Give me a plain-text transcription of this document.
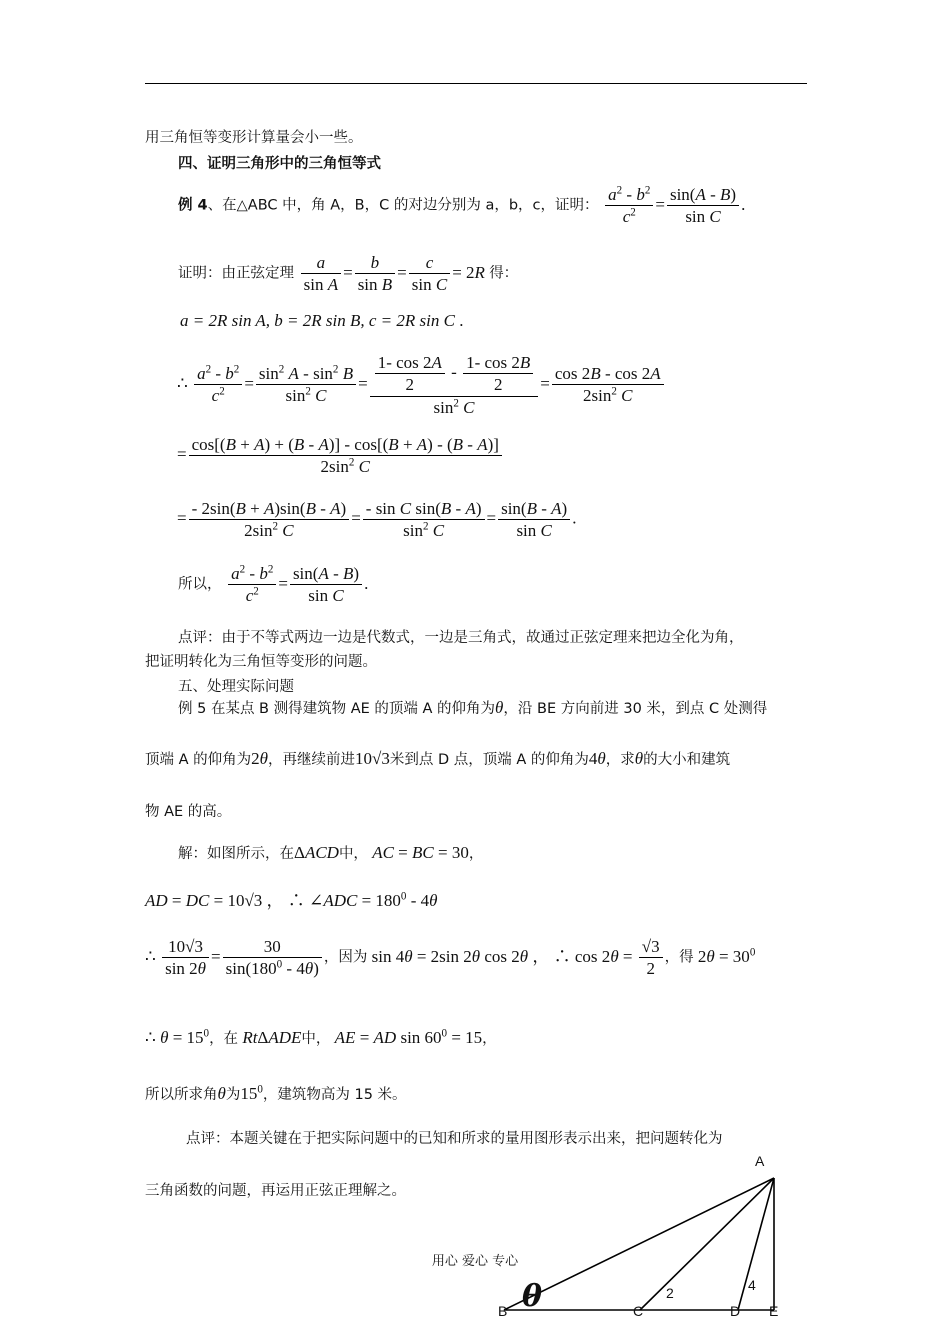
用三角恒等变形计算量会小一些。
四、证明三角形中的三角恒等式
例 4、在△ABC 中，角 A，B，C 的对边分别为 a，b，c，证明： $\frac{a^2 - b^2}{c^2} = \frac{\sin(A - B)}{\text{sin C}}$ .
证明：由正弦定理 $\frac{a}{\text{sin A}} = \frac{b}{\text{sin B}} = \frac{c}{\text{sin C}} = 2R$ 得：
a = 2R sin A, b = 2R sin B, c = 2R sin C .
∴ $\frac{a^2 - b^2}{c^2} = \frac{\sin^2 A - \sin^2 B}{\sin^2 C} = \frac{\frac{1- \cos 2A}{2} - \frac{1- \cos 2B}{2}}{\sin^2 C} = \frac{\cos 2B - \cos 2A}{2\sin^2 C}$
= $\frac{\cos[(B + A) + (B - A)] - \cos[(B + A) - (B - A)]}{2\sin^2 C}$
= $\frac{- 2\sin(B + A)\sin(B - A)}{2\sin^2 C} = \frac{\text{- sin C sin(B - A)}}{\sin^2 C} = \frac{\sin(B - A)}{\text{sin C}}$ .
所以， $\frac{a^2 - b^2}{c^2} = \frac{\sin(A - B)}{\text{sin C}}$ .
点评：由于不等式两边一边是代数式，一边是三角式，故通过正弦定理来把边全化为角，
把证明转化为三角恒等变形的问题。
五、处理实际问题
例 5 在某点 B 测得建筑物 AE 的顶端 A 的仰角为θ，沿 BE 方向前进 30 米，到点 C 处测得
顶端 A 的仰角为2θ，再继续前进10√3米到点 D 点，顶端 A 的仰角为4θ，求θ的大小和建筑
物 AE 的高。
解：如图所示，在ΔACD中， AC = BC = 30，
AD = DC = 10√3 ， ∴ ∠ADC = $180^0 - 4\theta$
∴ $\frac{10√3}{\sin 2\theta} = \frac{30}{\sin(180^0 - 4\theta)}$ ，因为 sin 4θ = 2sin 2θ cos 2θ ， ∴ $\cos 2\theta = \frac{√3}{2}$ ，得 $2\theta = 30^0$
∴ $\theta = 15^0$，在 RtΔADE中， AE = AD $\sin 60^0 = 15$，
所以所求角θ为$15^0$，建筑物高为 15 米。
点评：本题关键在于把实际问题中的已知和所求的量用图形表示出来，把问题转化为
三角函数的问题，再运用正弦正理解之。
用心 爱心 专心
A
B	C	D E
θ	2	4
